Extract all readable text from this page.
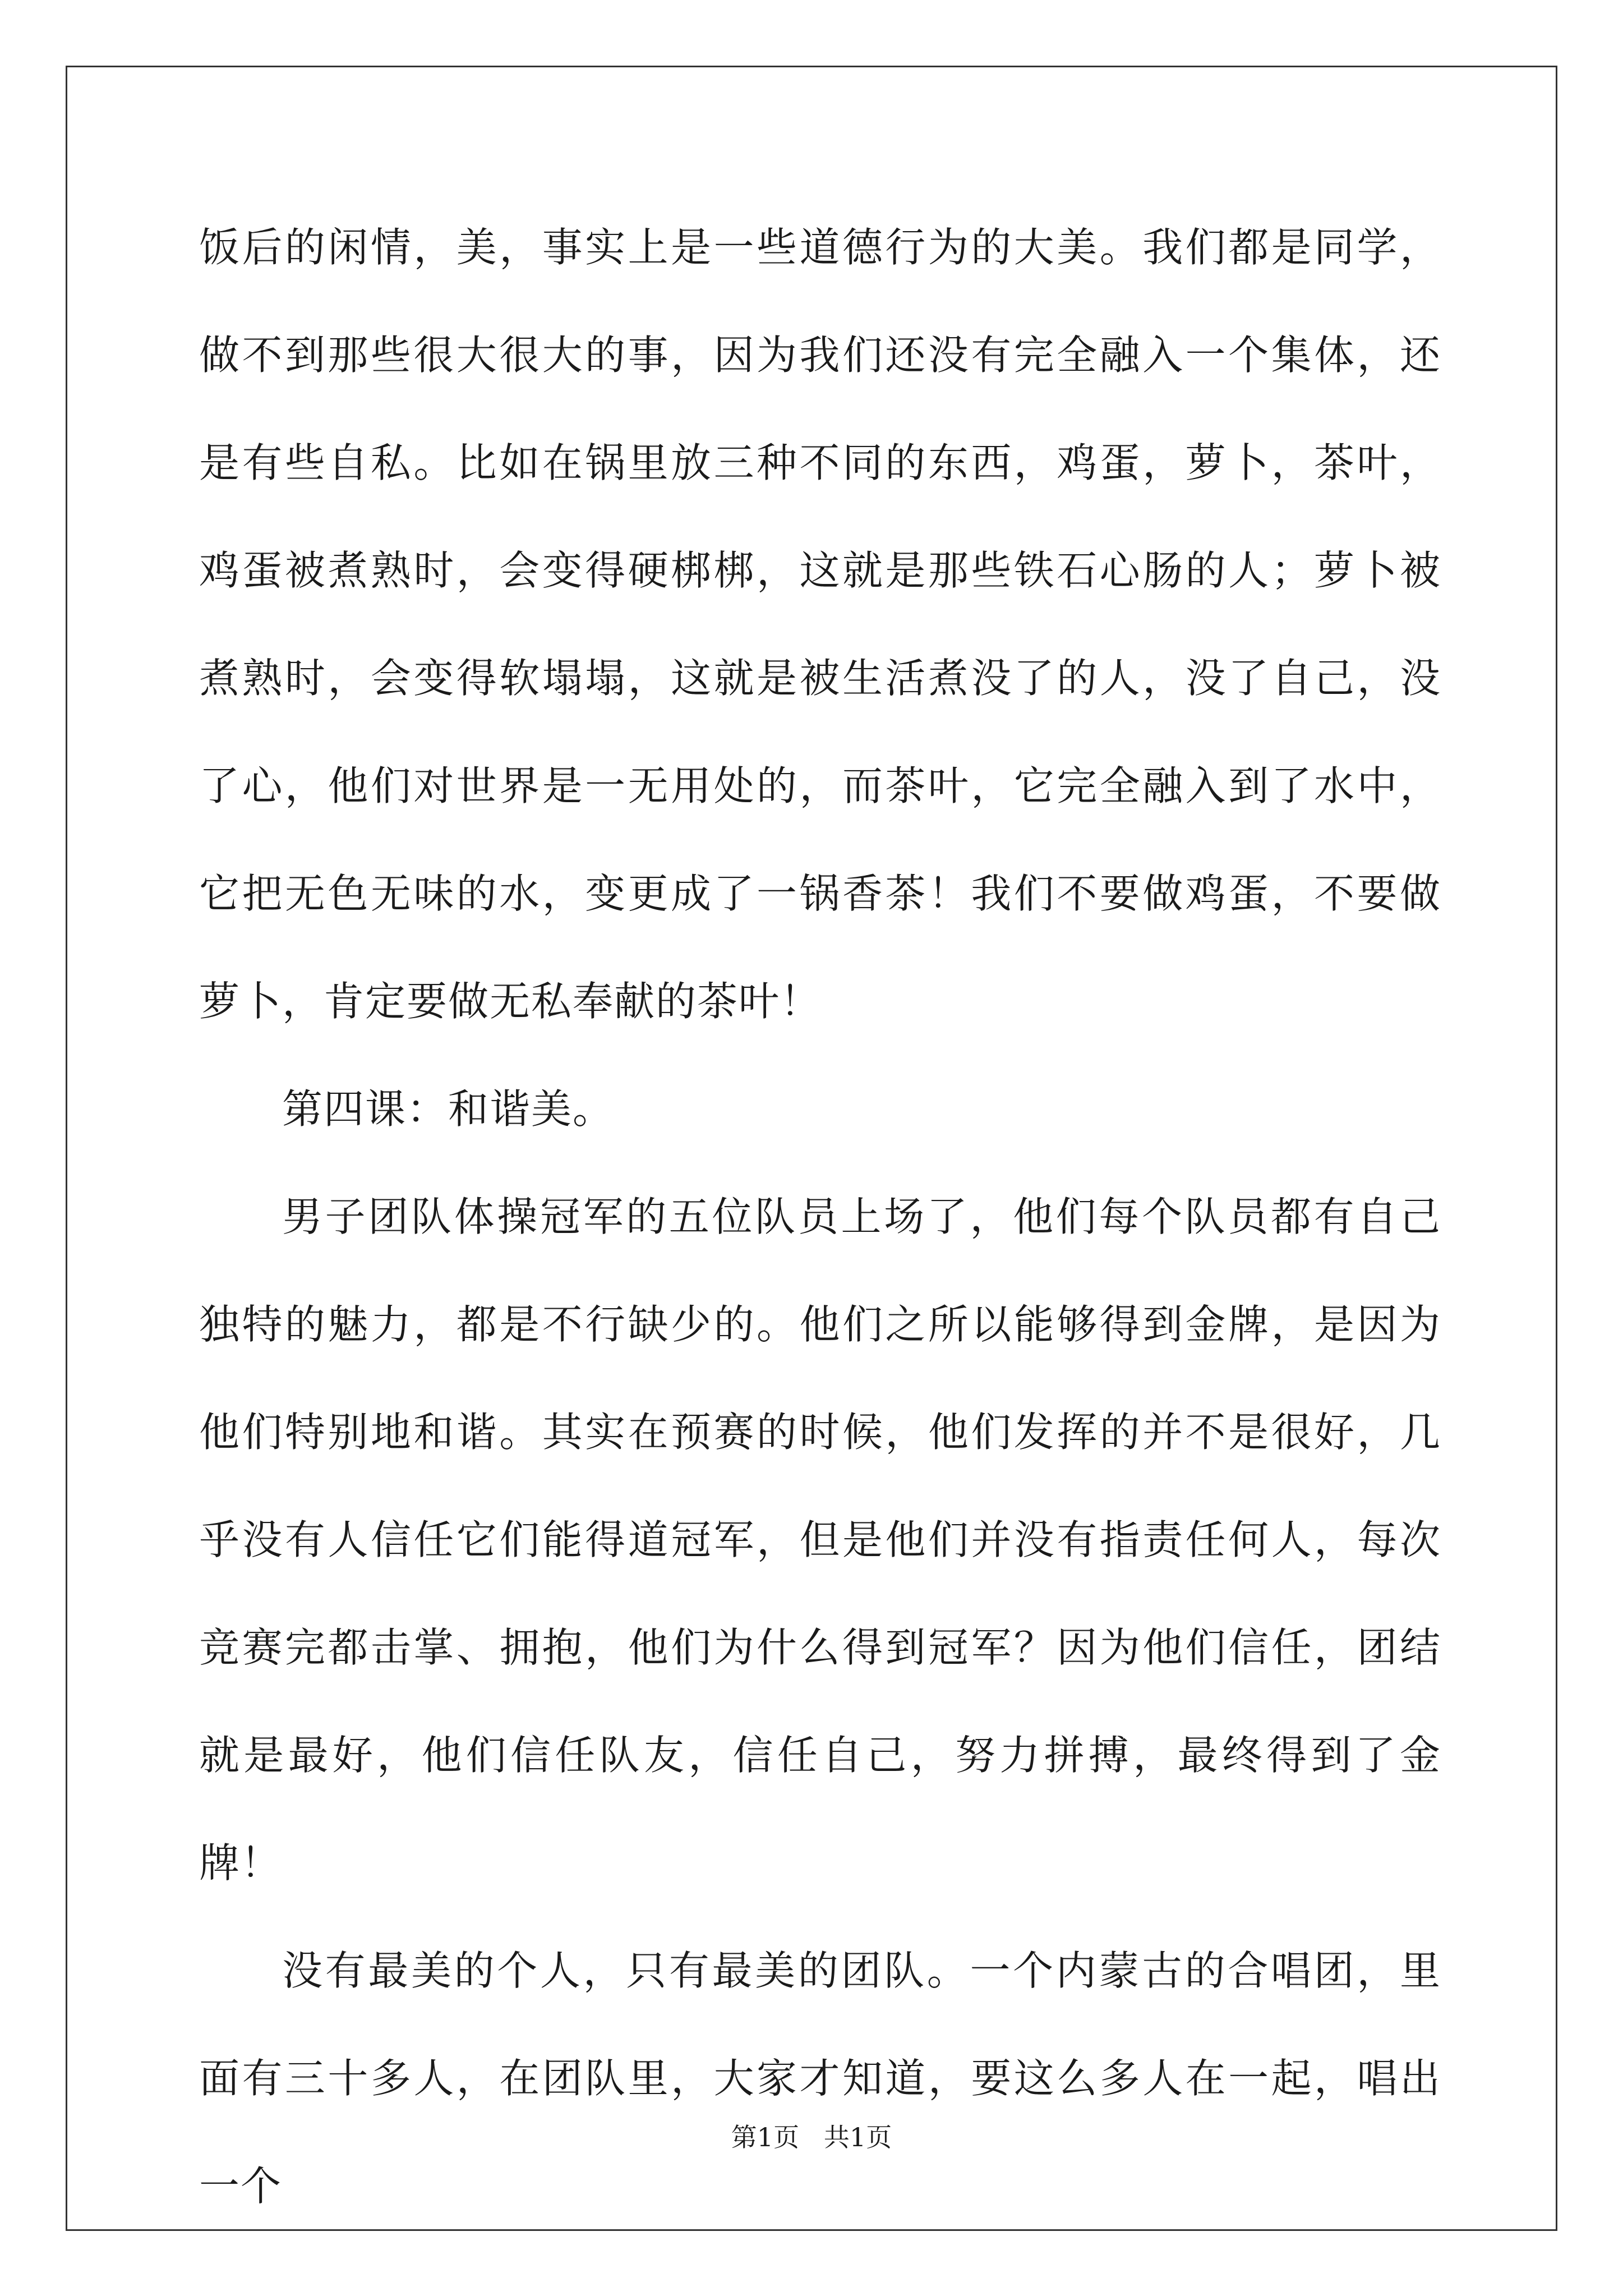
饭后的闲情，美，事实上是一些道德行为的大美。我们都是同学，做不到那些很大很大的事，因为我们还没有完全融入一个集体，还是有些自私。比如在锅里放三种不同的东西，鸡蛋，萝卜，茶叶，鸡蛋被煮熟时，会变得硬梆梆，这就是那些铁石心肠的人；萝卜被煮熟时，会变得软塌塌，这就是被生活煮没了的人，没了自己，没了心，他们对世界是一无用处的，而茶叶，它完全融入到了水中，它把无色无味的水，变更成了一锅香茶！我们不要做鸡蛋，不要做萝卜，肯定要做无私奉献的茶叶！

第四课：和谐美。

男子团队体操冠军的五位队员上场了，他们每个队员都有自己独特的魅力，都是不行缺少的。他们之所以能够得到金牌，是因为他们特别地和谐。其实在预赛的时候，他们发挥的并不是很好，几乎没有人信任它们能得道冠军，但是他们并没有指责任何人，每次竞赛完都击掌、拥抱，他们为什么得到冠军？因为他们信任，团结就是最好，他们信任队友，信任自己，努力拼搏，最终得到了金牌！

没有最美的个人，只有最美的团队。一个内蒙古的合唱团，里面有三十多人，在团队里，大家才知道，要这么多人在一起，唱出一个

第1页   共1页
